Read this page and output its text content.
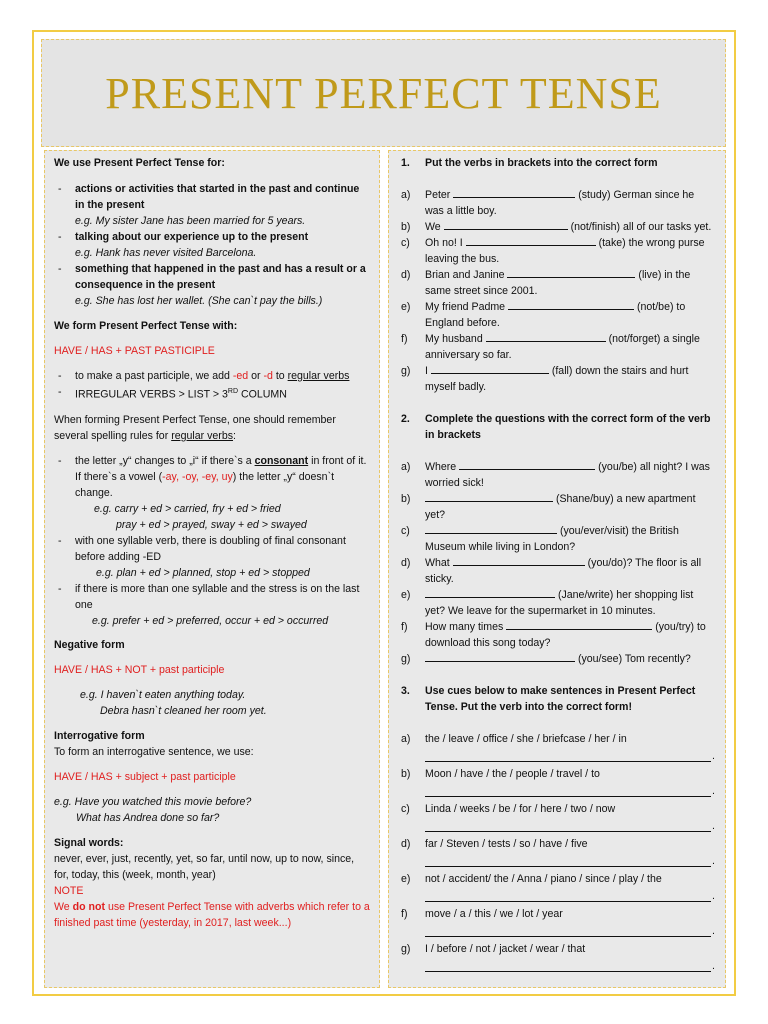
PRESENT PERFECT TENSE

We use Present Perfect Tense for:

-	actions or activities that started in the past and continue in the present
e.g. My sister Jane has been married for 5 years.
-	talking about our experience up to the present
e.g. Hank has never visited Barcelona.
-	something that happened in the past and has a result or a consequence in the present
e.g. She has lost her wallet. (She can`t pay the bills.)

We form Present Perfect Tense with:

HAVE / HAS + PAST PASTICIPLE

-	to make a past participle, we add -ed or -d to regular verbs
-	IRREGULAR VERBS > LIST > 3RD COLUMN

When forming Present Perfect Tense, one should remember several spelling rules for regular verbs:

-	the letter „y“ changes to „i“ if there`s a consonant in front of it. If there`s a vowel (-ay, -oy, -ey, uy) the letter „y“ doesn`t change.

e.g. carry + ed > carried, fry + ed > fried

pray + ed > prayed, sway + ed > swayed

-	with one syllable verb, there is doubling of final consonant before adding -ED

e.g. plan + ed > planned, stop + ed > stopped

-	if there is more than one syllable and the stress is on the last one

e.g. prefer + ed > preferred, occur + ed > occurred

Negative form

HAVE / HAS + NOT + past participle

e.g. I haven`t eaten anything today.

Debra hasn`t cleaned her room yet.

Interrogative form

To form an interrogative sentence, we use:

HAVE / HAS + subject + past participle

e.g. Have you watched this movie before?

What has Andrea done so far?

Signal words:

never, ever, just, recently, yet, so far, until now, up to now, since, for, today, this (week, month, year)

NOTE

We do not use Present Perfect Tense with adverbs which refer to a finished past time (yesterday, in 2017, last week...)

1.	Put the verbs in brackets into the correct form
a)	Peter	(study) German since he was a little boy.
b)	We	(not/finish) all of our tasks yet.
c)	Oh no! I	(take) the wrong purse leaving the bus.
d)	Brian and Janine	(live) in the same street since 2001.
e)	My friend Padme	(not/be) to England before.
f)	My husband	(not/forget) a single anniversary so far.
g)	I	(fall) down the stairs and hurt myself badly.
2.	Complete the questions with the correct form of the verb in brackets
a)	Where	(you/be) all night? I was worried sick!
b)	(Shane/buy) a new apartment yet?
c)	(you/ever/visit) the British Museum while living in London?
d)	What	(you/do)? The floor is all sticky.
e)	(Jane/write) her shopping list yet? We leave for the supermarket in 10 minutes.
f)	How many times	(you/try) to download this song today?
g)	(you/see) Tom recently?
3.	Use cues below to make sentences in Present Perfect Tense. Put the verb into the correct form!
a)	the / leave / office / she / briefcase / her / in
.
b)	Moon / have / the / people / travel / to
.
c)	Linda / weeks / be / for / here / two / now
.
d)	far / Steven / tests / so / have / five
.
e)	not / accident/ the / Anna / piano / since / play / the
.
f)	move / a / this / we / lot / year
.
g)	I / before / not / jacket / wear / that
.
